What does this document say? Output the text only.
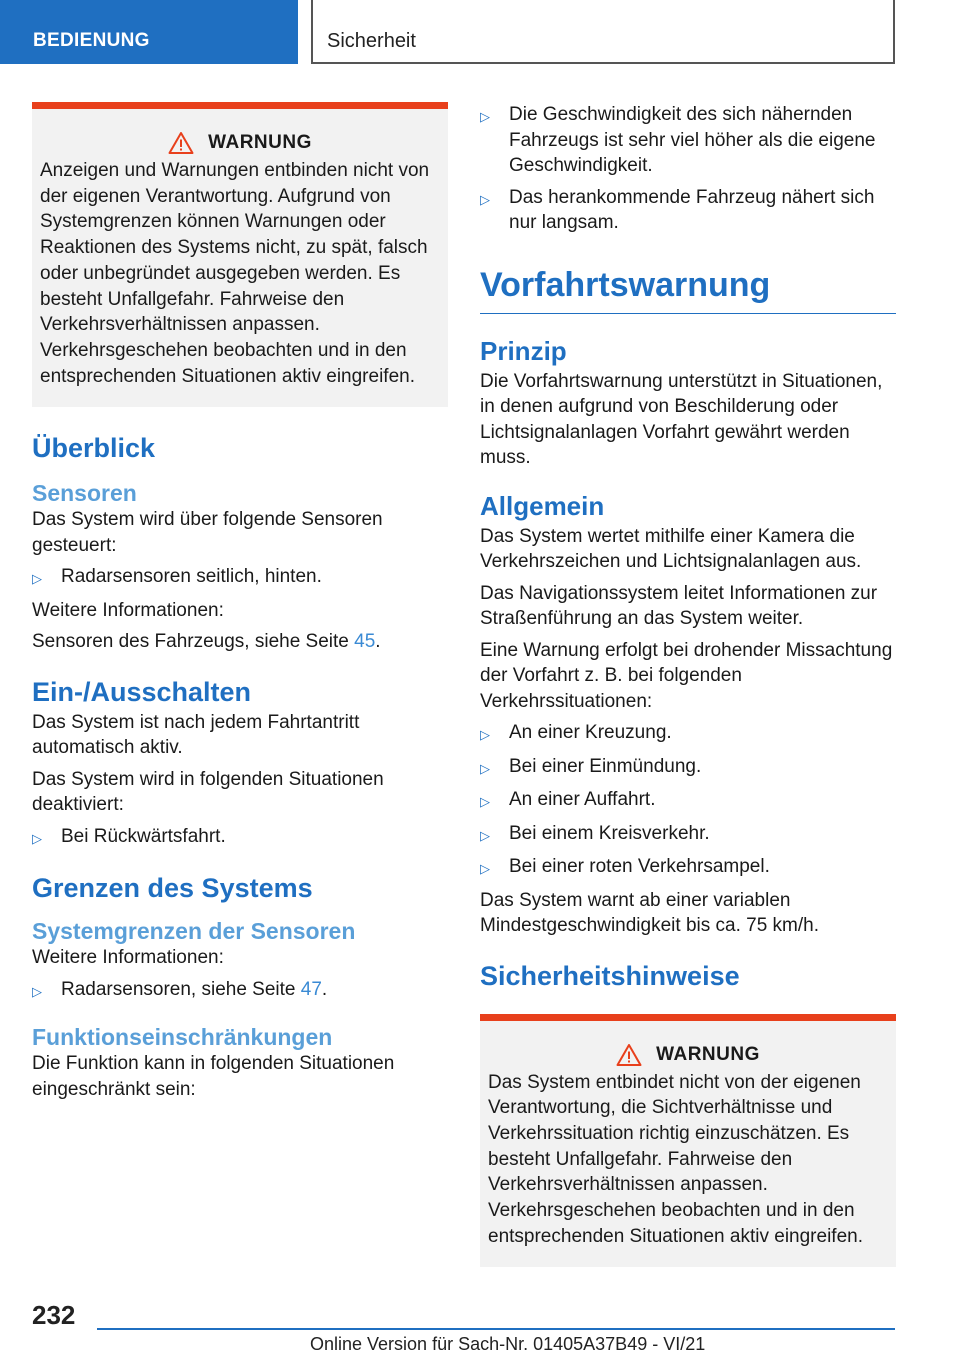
BEDIENUNG	Sicherheit
WARNUNG

Anzeigen und Warnungen entbinden nicht von der eigenen Verantwortung. Aufgrund von Systemgrenzen können Warnungen oder Reaktionen des Systems nicht, zu spät, falsch oder unbegründet ausgegeben werden. Es besteht Unfallgefahr. Fahrweise den Verkehrsverhältnissen anpassen. Verkehrsgeschehen beobachten und in den entsprechenden Situationen aktiv eingreifen.

Überblick
Sensoren

Das System wird über folgende Sensoren gesteuert:

▷	Radarsensoren seitlich, hinten.

Weitere Informationen:

Sensoren des Fahrzeugs, siehe Seite 45.

Ein-/Ausschalten

Das System ist nach jedem Fahrtantritt automatisch aktiv.

Das System wird in folgenden Situationen deaktiviert:

▷	Bei Rückwärtsfahrt.
Grenzen des Systems
Systemgrenzen der Sensoren

Weitere Informationen:

▷	Radarsensoren, siehe Seite 47.
Funktionseinschränkungen

Die Funktion kann in folgenden Situationen eingeschränkt sein:

▷	Die Geschwindigkeit des sich nähernden Fahrzeugs ist sehr viel höher als die eigene Geschwindigkeit.
▷	Das herankommende Fahrzeug nähert sich nur langsam.
Vorfahrtswarnung
Prinzip

Die Vorfahrtswarnung unterstützt in Situationen, in denen aufgrund von Beschilderung oder Lichtsignalanlagen Vorfahrt gewährt werden muss.

Allgemein

Das System wertet mithilfe einer Kamera die Verkehrszeichen und Lichtsignalanlagen aus.

Das Navigationssystem leitet Informationen zur Straßenführung an das System weiter.

Eine Warnung erfolgt bei drohender Missachtung der Vorfahrt z. B. bei folgenden Verkehrssituationen:

▷	An einer Kreuzung.
▷	Bei einer Einmündung.
▷	An einer Auffahrt.
▷	Bei einem Kreisverkehr.
▷	Bei einer roten Verkehrsampel.

Das System warnt ab einer variablen Mindestgeschwindigkeit bis ca. 75 km/h.

Sicherheitshinweise
WARNUNG

Das System entbindet nicht von der eigenen Verantwortung, die Sichtverhältnisse und Verkehrssituation richtig einzuschätzen. Es besteht Unfallgefahr. Fahrweise den Verkehrsverhältnissen anpassen. Verkehrsgeschehen beobachten und in den entsprechenden Situationen aktiv eingreifen.

232
Online Version für Sach-Nr. 01405A37B49 - VI/21
